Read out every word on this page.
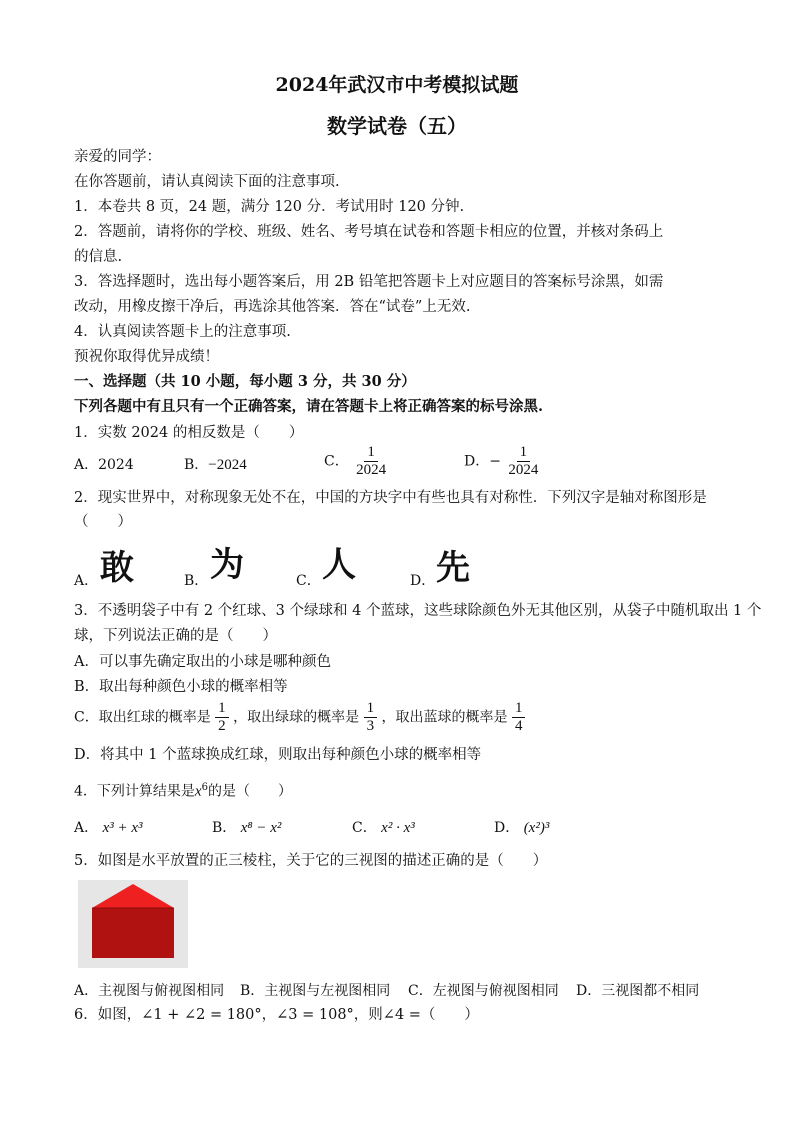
2024年武汉市中考模拟试题
数学试卷（五）
亲爱的同学：
在你答题前，请认真阅读下面的注意事项.
1．本卷共 8 页，24 题，满分 120 分．考试用时 120 分钟.
2．答题前，请将你的学校、班级、姓名、考号填在试卷和答题卡相应的位置，并核对条码上
的信息.
3．答选择题时，选出每小题答案后，用 2B 铅笔把答题卡上对应题目的答案标号涂黑，如需
改动，用橡皮擦干净后，再选涂其他答案．答在“试卷”上无效.
4．认真阅读答题卡上的注意事项.
预祝你取得优异成绩！
一、选择题（共 10 小题，每小题 3 分，共 30 分）
下列各题中有且只有一个正确答案，请在答题卡上将正确答案的标号涂黑.
1．实数 2024 的相反数是（　　）
A．2024	B．−2024	C． $\frac{1}{2024}$	D．− $\frac{1}{2024}$
2．现实世界中，对称现象无处不在，中国的方块字中有些也具有对称性．下列汉字是轴对称图形是
（　　）
A． 敢	B． 为	C． 人	D． 先
3．不透明袋子中有 2 个红球、3 个绿球和 4 个蓝球，这些球除颜色外无其他区别，从袋子中随机取出 1 个
球，下列说法正确的是（　　）
A．可以事先确定取出的小球是哪种颜色
B．取出每种颜色小球的概率相等
C．取出红球的概率是 $\frac{1}{2}$ ，取出绿球的概率是 $\frac{1}{3}$ ，取出蓝球的概率是 $\frac{1}{4}$
D．将其中 1 个蓝球换成红球，则取出每种颜色小球的概率相等
4．下列计算结果是$x^6$的是（　　）
A． x³ + x³	B． x⁸ − x²	C． x² · x³	D． (x²)³
5．如图是水平放置的正三棱柱，关于它的三视图的描述正确的是（　　）
A．主视图与俯视图相同 B．主视图与左视图相同 C．左视图与俯视图相同 D．三视图都不相同
6．如图，∠1 + ∠2 = 180°，∠3 = 108°，则∠4 =（　　）
